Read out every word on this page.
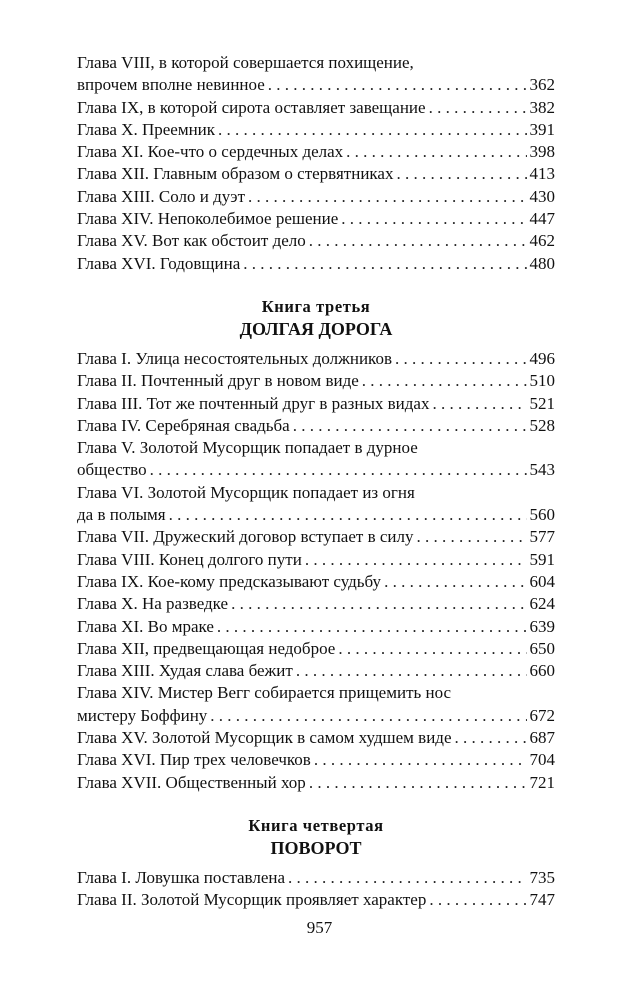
Глава VIII, в которой совершается похищение,
впрочем вполне невинное . . .	362
Глава IX, в которой сирота оставляет завещание . . .	382
Глава X. Преемник . . .	391
Глава XI. Кое-что о сердечных делах . . .	398
Глава XII. Главным образом о стервятниках . . .	413
Глава XIII. Соло и дуэт . . .	430
Глава XIV. Непоколебимое решение . . .	447
Глава XV. Вот как обстоит дело . . .	462
Глава XVI. Годовщина . . .	480
Книга третья
ДОЛГАЯ ДОРОГА
Глава I. Улица несостоятельных должников . . .	496
Глава II. Почтенный друг в новом виде . . .	510
Глава III. Тот же почтенный друг в разных видах . . .	521
Глава IV. Серебряная свадьба . . .	528
Глава V. Золотой Мусорщик попадает в дурное
общество . . .	543
Глава VI. Золотой Мусорщик попадает из огня
да в полымя . . .	560
Глава VII. Дружеский договор вступает в силу . . .	577
Глава VIII. Конец долгого пути . . .	591
Глава IX. Кое-кому предсказывают судьбу . . .	604
Глава X. На разведке . . .	624
Глава XI. Во мраке . . .	639
Глава XII, предвещающая недоброе . . .	650
Глава XIII. Худая слава бежит . . .	660
Глава XIV. Мистер Вегг собирается прищемить нос
мистеру Боффину . . .	672
Глава XV. Золотой Мусорщик в самом худшем виде . . .	687
Глава XVI. Пир трех человечков . . .	704
Глава XVII. Общественный хор . . .	721
Книга четвертая
ПОВОРОТ
Глава I. Ловушка поставлена . . .	735
Глава II. Золотой Мусорщик проявляет характер . . .	747
957
